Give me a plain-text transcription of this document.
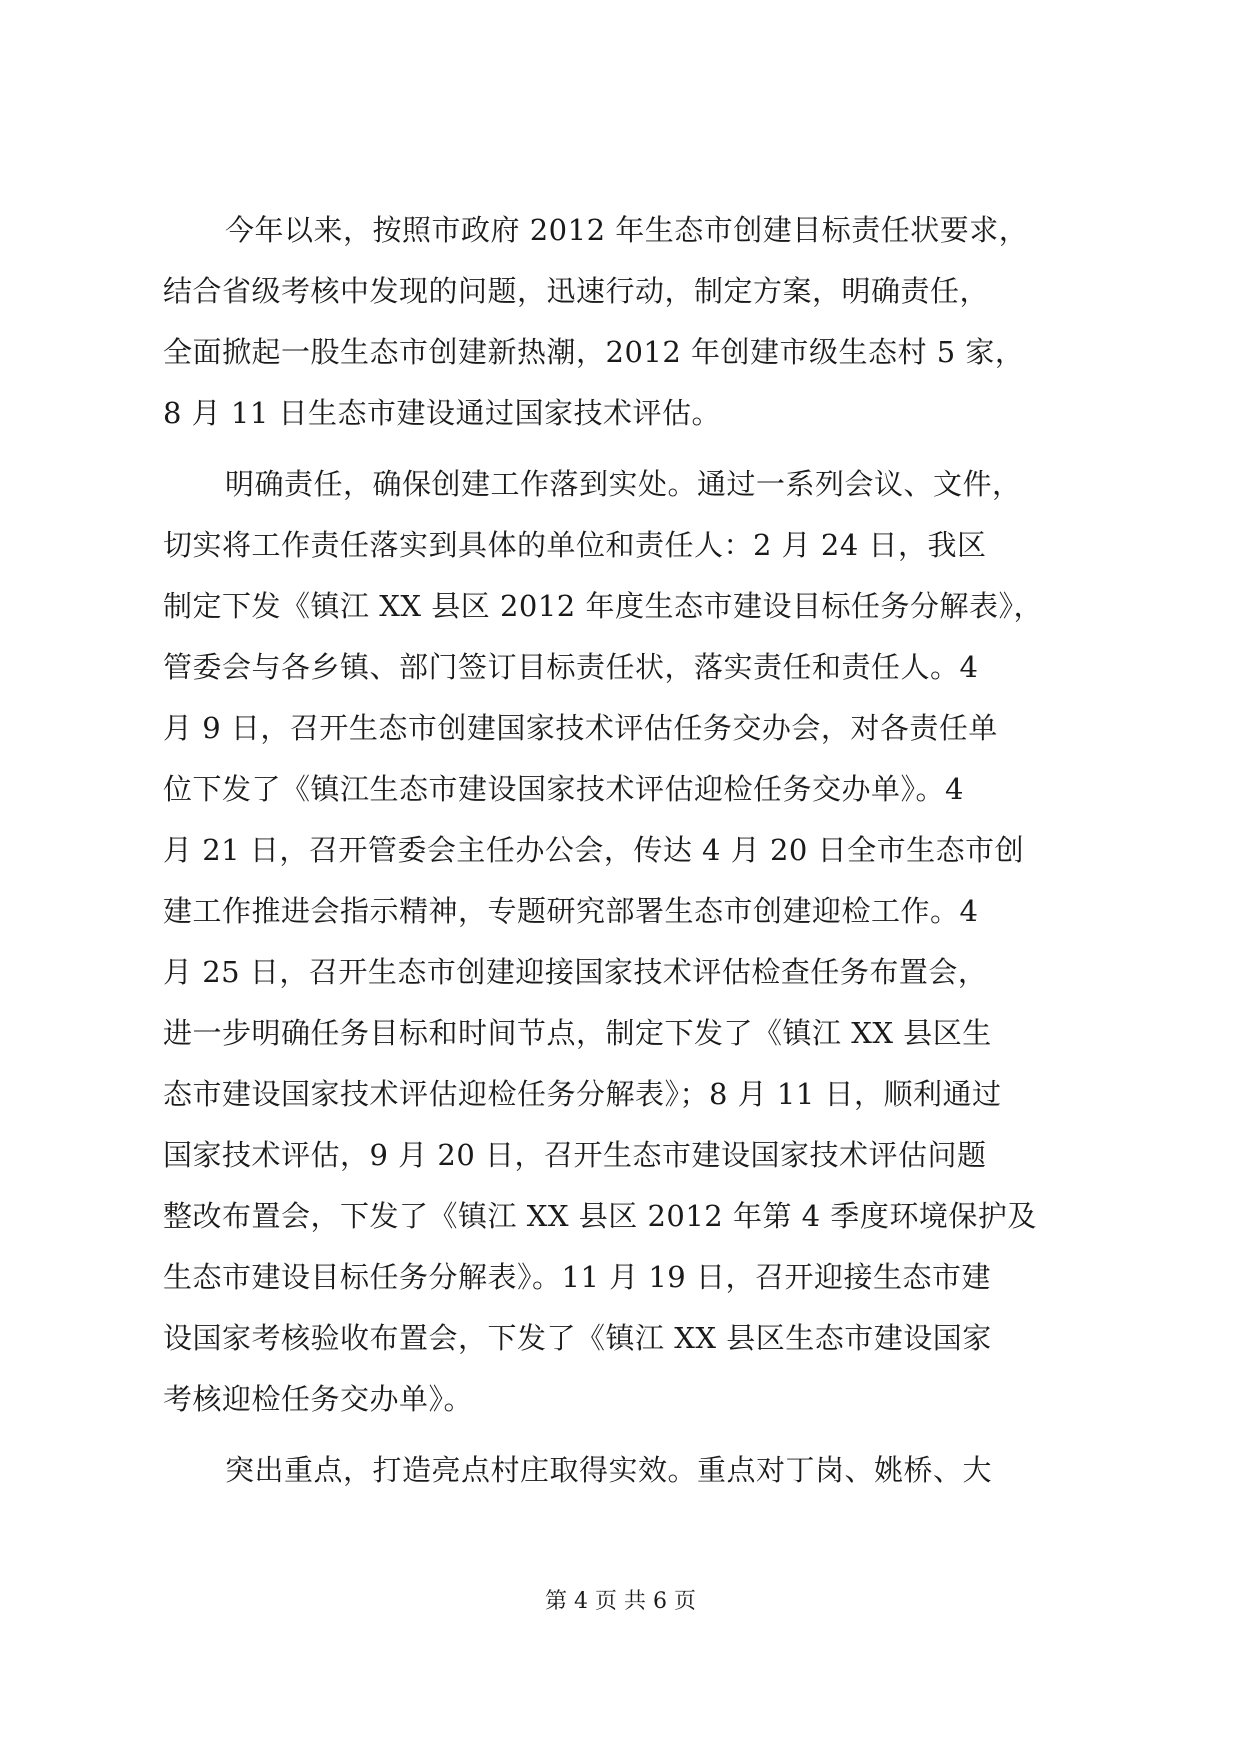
今年以来，按照市政府 2012 年生态市创建目标责任状要求，
结合省级考核中发现的问题，迅速行动，制定方案，明确责任，
全面掀起一股生态市创建新热潮，2012 年创建市级生态村 5 家，
8 月 11 日生态市建设通过国家技术评估。
明确责任，确保创建工作落到实处。通过一系列会议、文件，
切实将工作责任落实到具体的单位和责任人：2 月 24 日，我区
制定下发《镇江 XX 县区 2012 年度生态市建设目标任务分解表》，
管委会与各乡镇、部门签订目标责任状，落实责任和责任人。4
月 9 日，召开生态市创建国家技术评估任务交办会，对各责任单
位下发了《镇江生态市建设国家技术评估迎检任务交办单》。4
月 21 日，召开管委会主任办公会，传达 4 月 20 日全市生态市创
建工作推进会指示精神，专题研究部署生态市创建迎检工作。4
月 25 日，召开生态市创建迎接国家技术评估检查任务布置会，
进一步明确任务目标和时间节点，制定下发了《镇江 XX 县区生
态市建设国家技术评估迎检任务分解表》；8 月 11 日，顺利通过
国家技术评估，9 月 20 日，召开生态市建设国家技术评估问题
整改布置会，下发了《镇江 XX 县区 2012 年第 4 季度环境保护及
生态市建设目标任务分解表》。11 月 19 日，召开迎接生态市建
设国家考核验收布置会，下发了《镇江 XX 县区生态市建设国家
考核迎检任务交办单》。
突出重点，打造亮点村庄取得实效。重点对丁岗、姚桥、大
第 4 页 共 6 页
